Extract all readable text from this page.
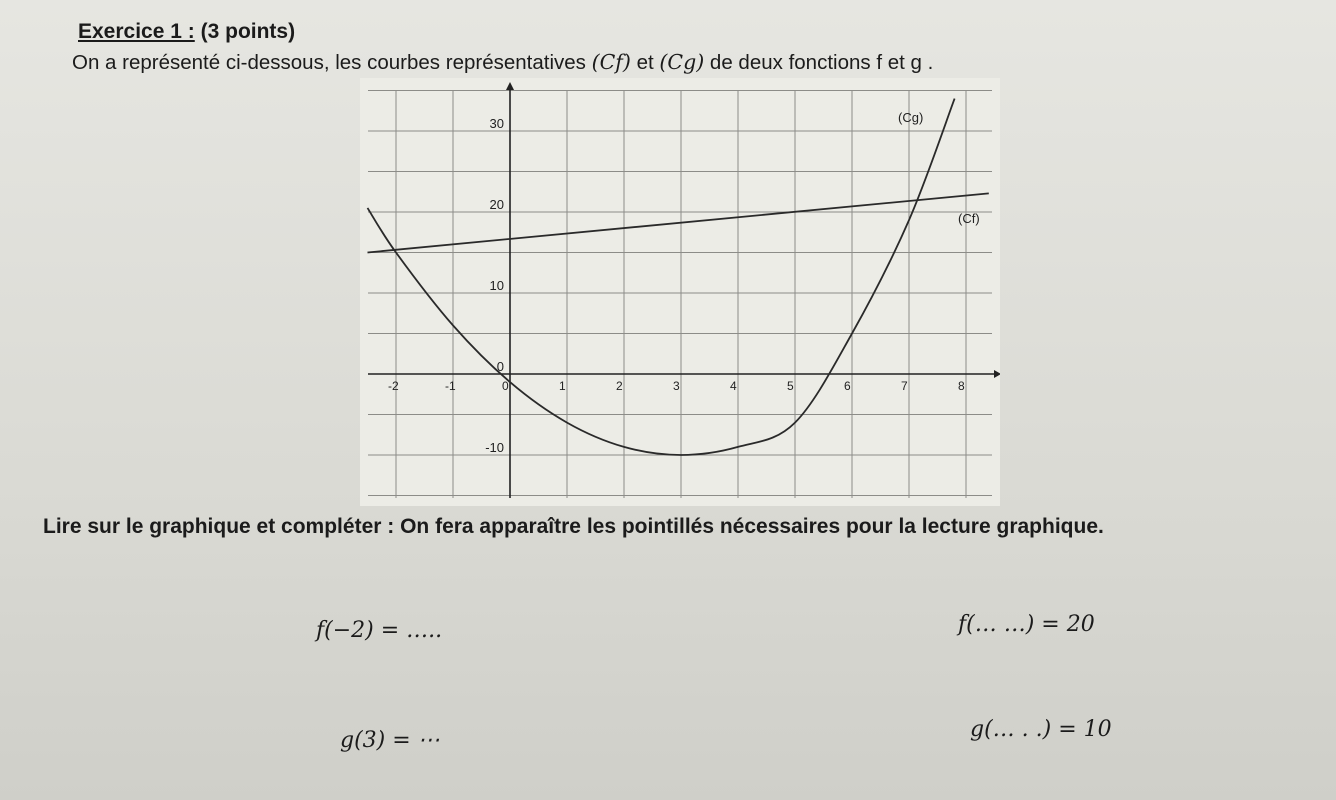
Exercice 1 : (3 points)
On a représenté ci-dessous, les courbes représentatives (Cf) et (Cg) de deux fonctions f et g .
-2	-1	0	1	2	3	4	5	6	7	8
30
20
10
0
-10
(Cg)
(Cf)
Lire sur le graphique et compléter : On fera apparaître les pointillés nécessaires pour la lecture graphique.
f(−2) = …..	f(… …) = 20
g(3) = ⋯	g(… . .) = 10
